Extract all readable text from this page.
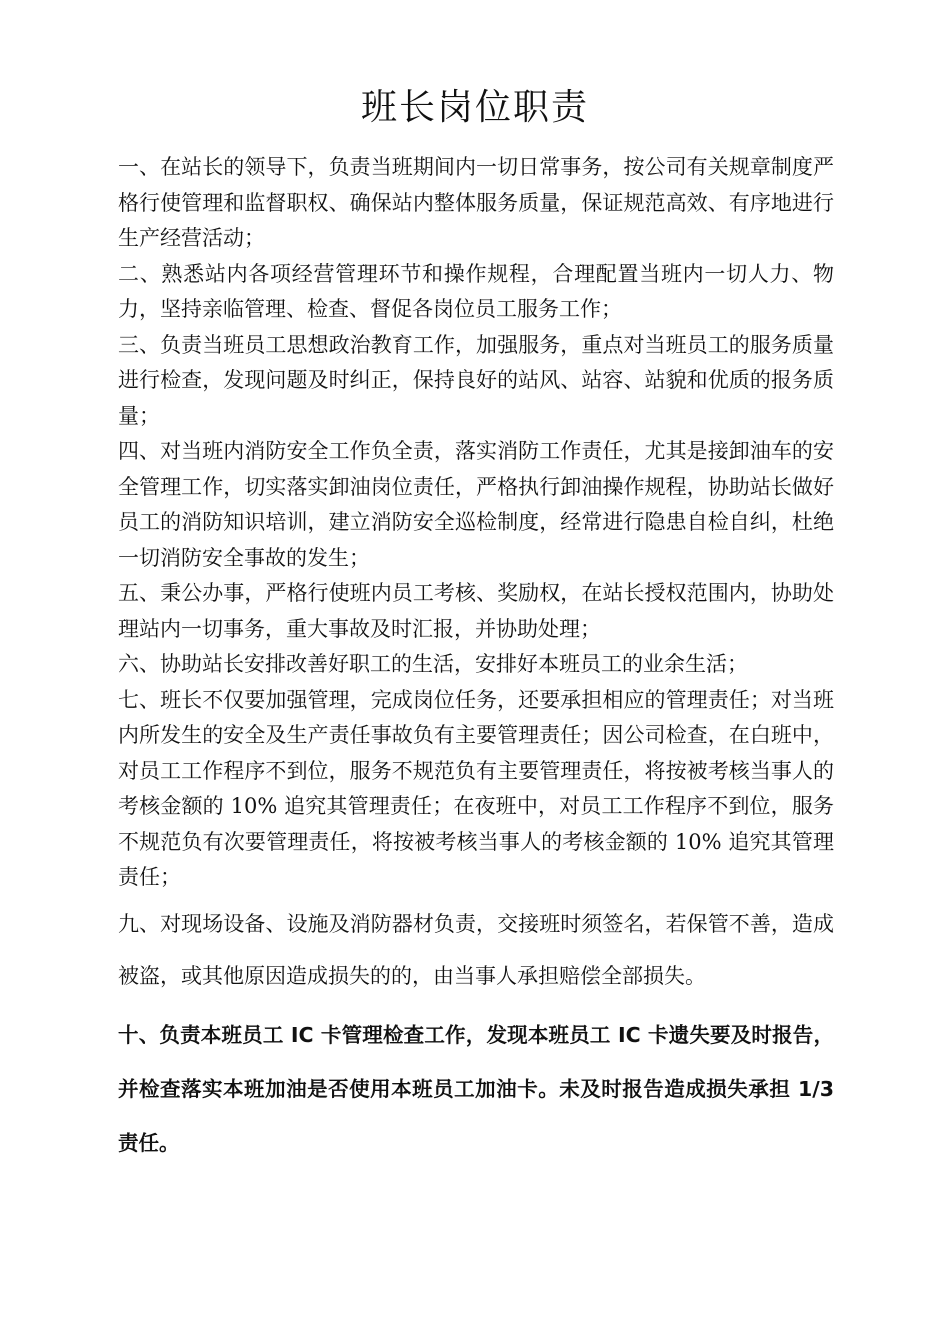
班长岗位职责

一、在站长的领导下，负责当班期间内一切日常事务，按公司有关规章制度严格行使管理和监督职权、确保站内整体服务质量，保证规范高效、有序地进行生产经营活动；

二、熟悉站内各项经营管理环节和操作规程，合理配置当班内一切人力、物力，坚持亲临管理、检查、督促各岗位员工服务工作；

三、负责当班员工思想政治教育工作，加强服务，重点对当班员工的服务质量进行检查，发现问题及时纠正，保持良好的站风、站容、站貌和优质的报务质量；

四、对当班内消防安全工作负全责，落实消防工作责任，尤其是接卸油车的安全管理工作，切实落实卸油岗位责任，严格执行卸油操作规程，协助站长做好员工的消防知识培训，建立消防安全巡检制度，经常进行隐患自检自纠，杜绝一切消防安全事故的发生；

五、秉公办事，严格行使班内员工考核、奖励权，在站长授权范围内，协助处理站内一切事务，重大事故及时汇报，并协助处理；

六、协助站长安排改善好职工的生活，安排好本班员工的业余生活；

七、班长不仅要加强管理，完成岗位任务，还要承担相应的管理责任；对当班内所发生的安全及生产责任事故负有主要管理责任；因公司检查，在白班中，对员工工作程序不到位，服务不规范负有主要管理责任，将按被考核当事人的考核金额的 10% 追究其管理责任；在夜班中，对员工工作程序不到位，服务不规范负有次要管理责任，将按被考核当事人的考核金额的 10% 追究其管理责任；

九、对现场设备、设施及消防器材负责，交接班时须签名，若保管不善，造成被盗，或其他原因造成损失的的，由当事人承担赔偿全部损失。

十、负责本班员工 IC 卡管理检查工作，发现本班员工 IC 卡遗失要及时报告，并检查落实本班加油是否使用本班员工加油卡。未及时报告造成损失承担 1/3 责任。
